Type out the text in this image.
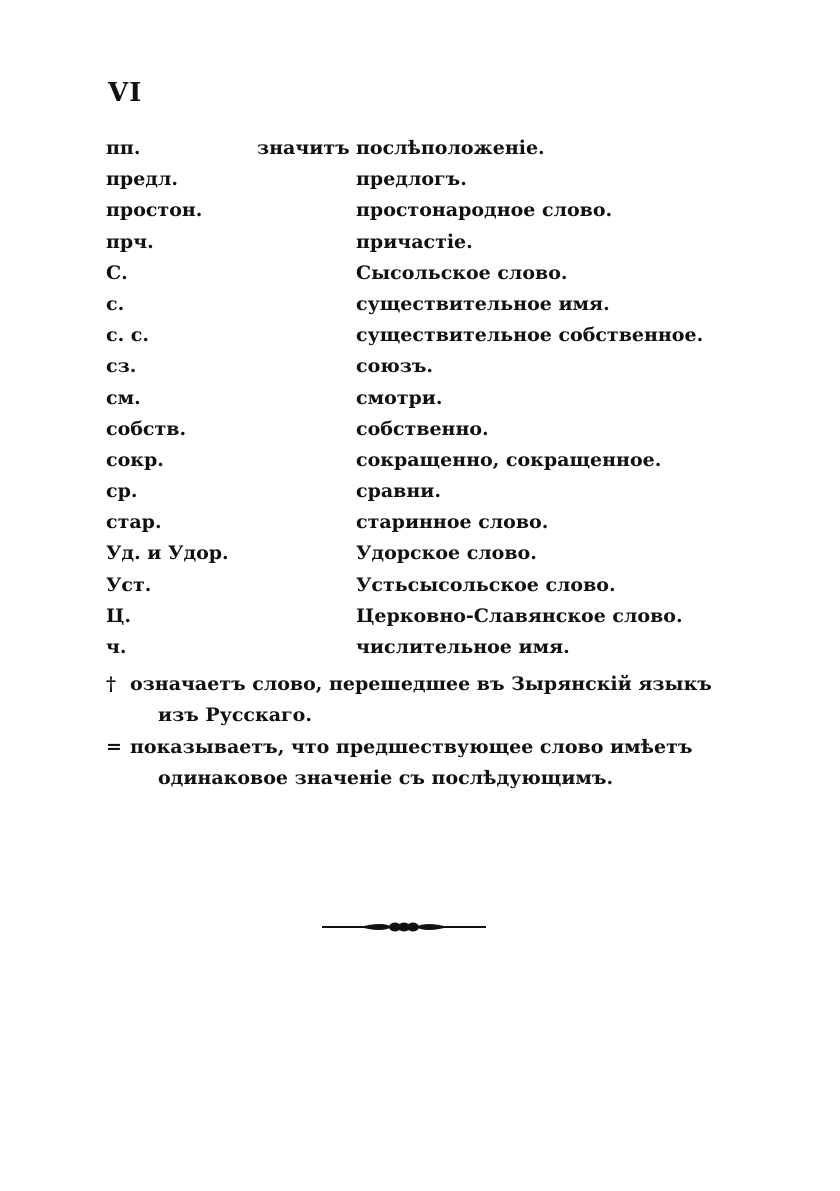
VI
пп.	значитъ послѣположеніе.
предл.	предлогъ.
простон.	простонародное слово.
прч.	причастіе.
С.	Сысольское слово.
с.	существительное имя.
с. с.	существительное собственное.
сз.	союзъ.
см.	смотри.
собств.	собственно.
сокр.	сокращенно, сокращенное.
ср.	сравни.
стар.	старинное слово.
Уд. и Удор.	Удорское слово.
Уст.	Устьсысольское слово.
Ц.	Церковно-Славянское слово.
ч.	числительное имя.
† означаетъ слово, перешедшее въ Зырянскій языкъ
изъ Русскаго.
= показываетъ, что предшествующее слово имѣетъ
одинаковое значеніе съ послѣдующимъ.
